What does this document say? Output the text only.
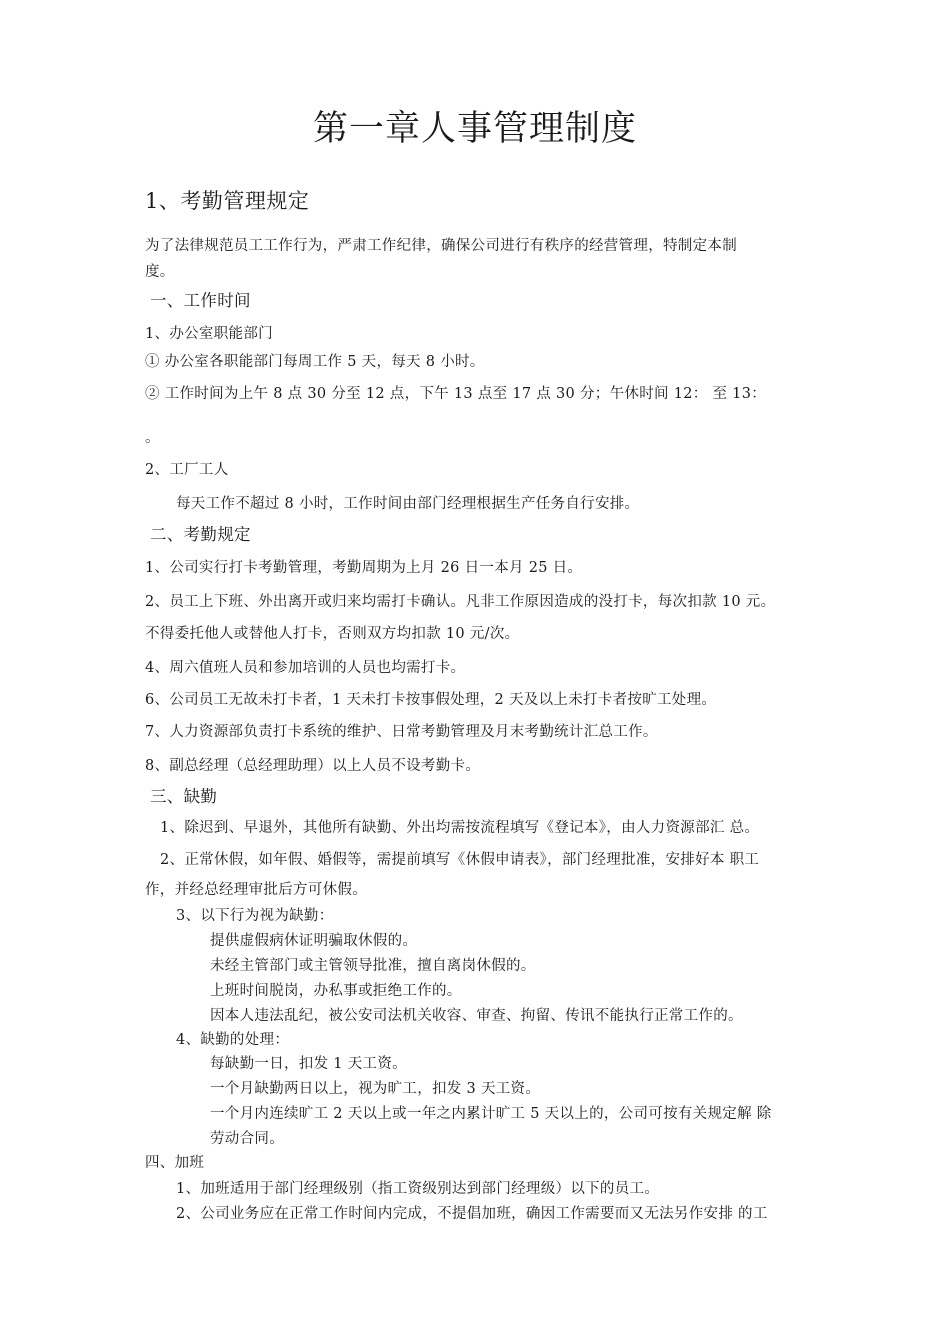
第一章人事管理制度
1、考勤管理规定
为了法律规范员工工作行为，严肃工作纪律，确保公司进行有秩序的经营管理，特制定本制
度。
一、工作时间
1、办公室职能部门
① 办公室各职能部门每周工作 5 天，每天 8 小时。
② 工作时间为上午 8 点 30 分至 12 点，下午 13 点至 17 点 30 分；午休时间 12： 至 13：
。
2、工厂工人
每天工作不超过 8 小时，工作时间由部门经理根据生产任务自行安排。
二、考勤规定
1、公司实行打卡考勤管理，考勤周期为上月 26 日一本月 25 日。
2、员工上下班、外出离开或归来均需打卡确认。凡非工作原因造成的没打卡，每次扣款 10 元。
不得委托他人或替他人打卡，否则双方均扣款 10 元/次。
4、周六值班人员和参加培训的人员也均需打卡。
6、公司员工无故未打卡者，1 天未打卡按事假处理，2 天及以上未打卡者按旷工处理。
7、人力资源部负责打卡系统的维护、日常考勤管理及月末考勤统计汇总工作。
8、副总经理（总经理助理）以上人员不设考勤卡。
三、缺勤
1、除迟到、早退外，其他所有缺勤、外出均需按流程填写《登记本》，由人力资源部汇 总。
2、正常休假，如年假、婚假等，需提前填写《休假申请表》，部门经理批准，安排好本 职工
作，并经总经理审批后方可休假。
3、以下行为视为缺勤：
提供虚假病休证明骗取休假的。
未经主管部门或主管领导批准，擅自离岗休假的。
上班时间脱岗，办私事或拒绝工作的。
因本人违法乱纪，被公安司法机关收容、审查、拘留、传讯不能执行正常工作的。
4、缺勤的处理：
每缺勤一日，扣发 1 天工资。
一个月缺勤两日以上，视为旷工，扣发 3 天工资。
一个月内连续旷工 2 天以上或一年之内累计旷工 5 天以上的，公司可按有关规定解 除
劳动合同。
四、加班
1、加班适用于部门经理级别（指工资级别达到部门经理级）以下的员工。
2、公司业务应在正常工作时间内完成，不提倡加班，确因工作需要而又无法另作安排 的工
